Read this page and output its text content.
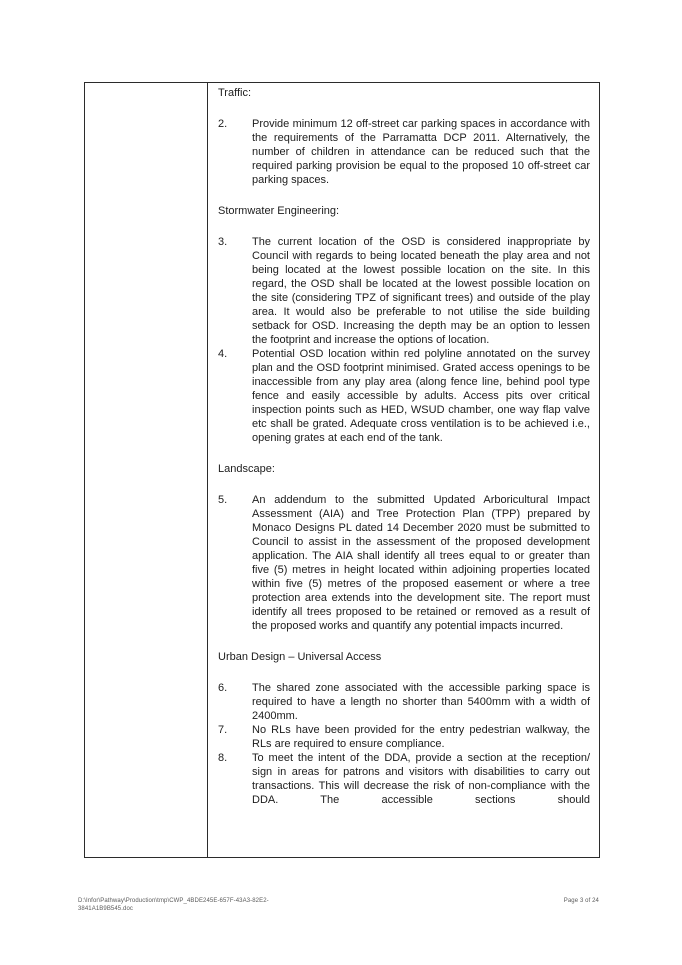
Traffic:
2.	Provide minimum 12 off-street car parking spaces in accordance with the requirements of the Parramatta DCP 2011. Alternatively, the number of children in attendance can be reduced such that the required parking provision be equal to the proposed 10 off-street car parking spaces.
Stormwater Engineering:
3.	The current location of the OSD is considered inappropriate by Council with regards to being located beneath the play area and not being located at the lowest possible location on the site. In this regard, the OSD shall be located at the lowest possible location on the site (considering TPZ of significant trees) and outside of the play area. It would also be preferable to not utilise the side building setback for OSD. Increasing the depth may be an option to lessen the footprint and increase the options of location.
4.	Potential OSD location within red polyline annotated on the survey plan and the OSD footprint minimised. Grated access openings to be inaccessible from any play area (along fence line, behind pool type fence and easily accessible by adults. Access pits over critical inspection points such as HED, WSUD chamber, one way flap valve etc shall be grated. Adequate cross ventilation is to be achieved i.e., opening grates at each end of the tank.
Landscape:
5.	An addendum to the submitted Updated Arboricultural Impact Assessment (AIA) and Tree Protection Plan (TPP) prepared by Monaco Designs PL dated 14 December 2020 must be submitted to Council to assist in the assessment of the proposed development application. The AIA shall identify all trees equal to or greater than five (5) metres in height located within adjoining properties located within five (5) metres of the proposed easement or where a tree protection area extends into the development site. The report must identify all trees proposed to be retained or removed as a result of the proposed works and quantify any potential impacts incurred.
Urban Design – Universal Access
6.	The shared zone associated with the accessible parking space is required to have a length no shorter than 5400mm with a width of 2400mm.
7.	No RLs have been provided for the entry pedestrian walkway, the RLs are required to ensure compliance.
8.	To meet the intent of the DDA, provide a section at the reception/ sign in areas for patrons and visitors with disabilities to carry out transactions. This will decrease the risk of non-compliance with the DDA. The accessible sections should
D:\Infor\Pathway\Production\tmp\CWP_4BDE245E-657F-43A3-82E2-
3841A1B9B545.doc
Page 3 of 24
